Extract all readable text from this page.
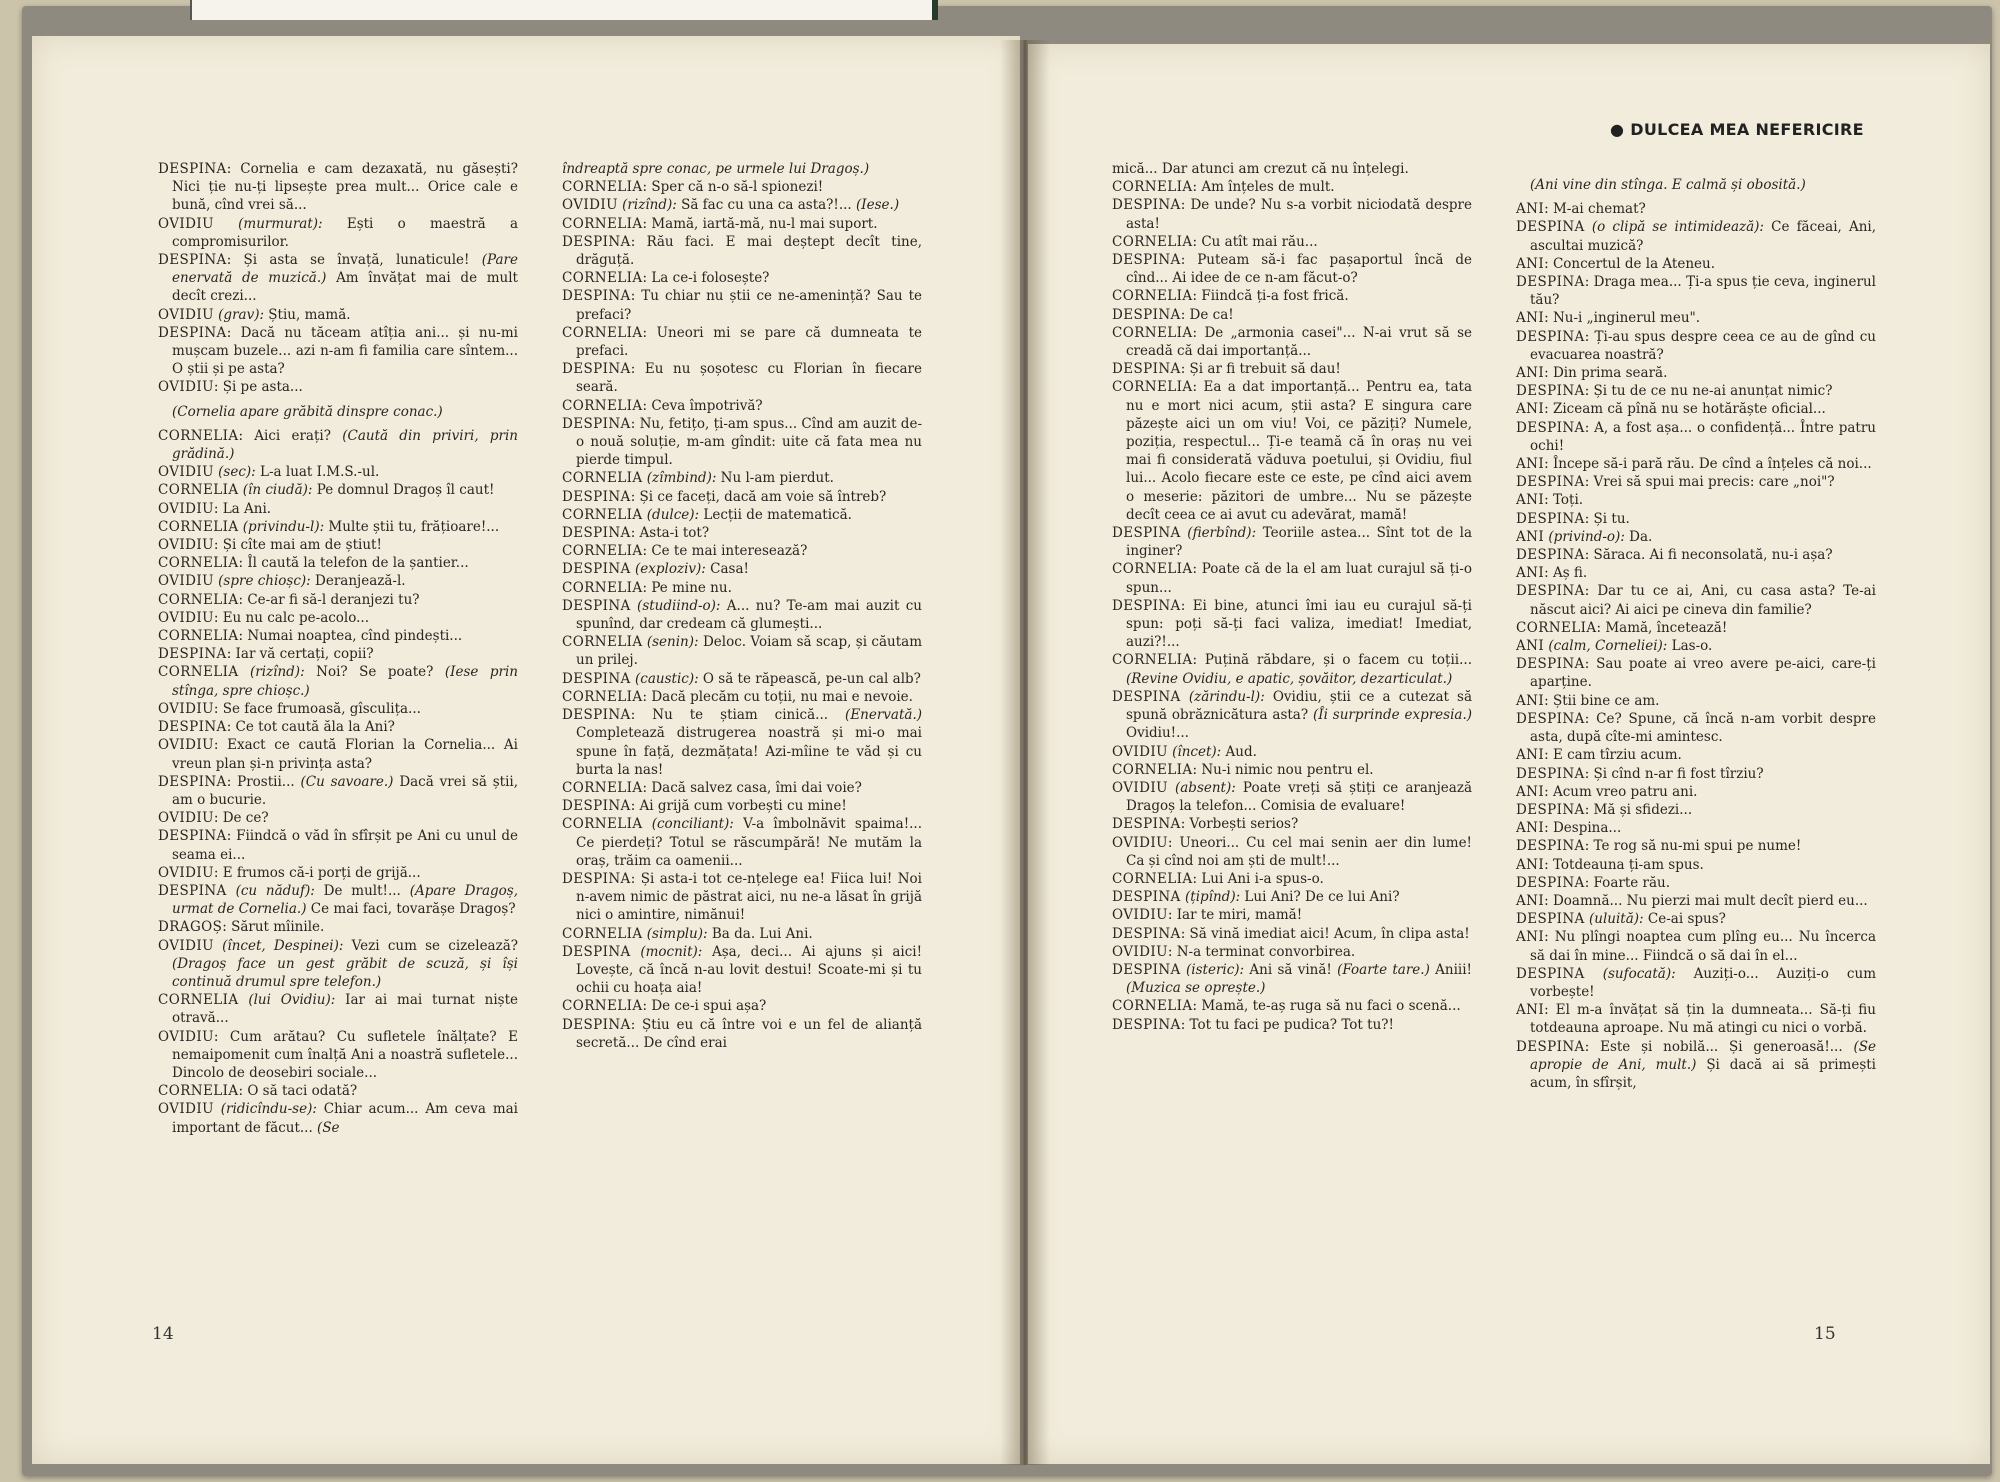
● DULCEA MEA NEFERICIRE

DESPINA: Cornelia e cam dezaxată, nu găsești? Nici ție nu-ți lipsește prea mult... Orice cale e bună, cînd vrei să...

OVIDIU (murmurat): Ești o maestră a compromisurilor.

DESPINA: Și asta se învață, lunaticule! (Pare enervată de muzică.) Am învățat mai de mult decît crezi...

OVIDIU (grav): Știu, mamă.

DESPINA: Dacă nu tăceam atîția ani... și nu-mi mușcam buzele... azi n-am fi familia care sîntem... O știi și pe asta?

OVIDIU: Și pe asta...

(Cornelia apare grăbită dinspre conac.)

CORNELIA: Aici erați? (Caută din priviri, prin grădină.)

OVIDIU (sec): L-a luat I.M.S.-ul.

CORNELIA (în ciudă): Pe domnul Dragoș îl caut!

OVIDIU: La Ani.

CORNELIA (privindu-l): Multe știi tu, frățioare!...

OVIDIU: Și cîte mai am de știut!

CORNELIA: Îl caută la telefon de la șantier...

OVIDIU (spre chioșc): Deranjează-l.

CORNELIA: Ce-ar fi să-l deranjezi tu?

OVIDIU: Eu nu calc pe-acolo...

CORNELIA: Numai noaptea, cînd pindești...

DESPINA: Iar vă certați, copii?

CORNELIA (rizînd): Noi? Se poate? (Iese prin stînga, spre chioșc.)

OVIDIU: Se face frumoasă, gîsculița...

DESPINA: Ce tot caută ăla la Ani?

OVIDIU: Exact ce caută Florian la Cornelia... Ai vreun plan și-n privința asta?

DESPINA: Prostii... (Cu savoare.) Dacă vrei să știi, am o bucurie.

OVIDIU: De ce?

DESPINA: Fiindcă o văd în sfîrșit pe Ani cu unul de seama ei...

OVIDIU: E frumos că-i porți de grijă...

DESPINA (cu năduf): De mult!... (Apare Dragoș, urmat de Cornelia.) Ce mai faci, tovarășe Dragoș?

DRAGOȘ: Sărut mîinile.

OVIDIU (încet, Despinei): Vezi cum se cizelează? (Dragoș face un gest grăbit de scuză, și își continuă drumul spre telefon.)

CORNELIA (lui Ovidiu): Iar ai mai turnat niște otravă...

OVIDIU: Cum arătau? Cu sufletele înălțate? E nemaipomenit cum înalță Ani a noastră sufletele... Dincolo de deosebiri sociale...

CORNELIA: O să taci odată?

OVIDIU (ridicîndu-se): Chiar acum... Am ceva mai important de făcut... (Se

îndreaptă spre conac, pe urmele lui Dragoș.)

CORNELIA: Sper că n-o să-l spionezi!

OVIDIU (rizînd): Să fac cu una ca asta?!... (Iese.)

CORNELIA: Mamă, iartă-mă, nu-l mai suport.

DESPINA: Rău faci. E mai deștept decît tine, drăguță.

CORNELIA: La ce-i folosește?

DESPINA: Tu chiar nu știi ce ne-amenință? Sau te prefaci?

CORNELIA: Uneori mi se pare că dumneata te prefaci.

DESPINA: Eu nu șoșotesc cu Florian în fiecare seară.

CORNELIA: Ceva împotrivă?

DESPINA: Nu, fetițo, ți-am spus... Cînd am auzit de-o nouă soluție, m-am gîndit: uite că fata mea nu pierde timpul.

CORNELIA (zîmbind): Nu l-am pierdut.

DESPINA: Și ce faceți, dacă am voie să întreb?

CORNELIA (dulce): Lecții de matematică.

DESPINA: Asta-i tot?

CORNELIA: Ce te mai interesează?

DESPINA (exploziv): Casa!

CORNELIA: Pe mine nu.

DESPINA (studiind-o): A... nu? Te-am mai auzit cu spunînd, dar credeam că glumești...

CORNELIA (senin): Deloc. Voiam să scap, și căutam un prilej.

DESPINA (caustic): O să te răpească, pe-un cal alb?

CORNELIA: Dacă plecăm cu toții, nu mai e nevoie.

DESPINA: Nu te știam cinică... (Enervată.) Completează distrugerea noastră și mi-o mai spune în față, dezmățata! Azi-mîine te văd și cu burta la nas!

CORNELIA: Dacă salvez casa, îmi dai voie?

DESPINA: Ai grijă cum vorbești cu mine!

CORNELIA (conciliant): V-a îmbolnăvit spaima!... Ce pierdeți? Totul se răscumpără! Ne mutăm la oraș, trăim ca oamenii...

DESPINA: Și asta-i tot ce-nțelege ea! Fiica lui! Noi n-avem nimic de păstrat aici, nu ne-a lăsat în grijă nici o amintire, nimănui!

CORNELIA (simplu): Ba da. Lui Ani.

DESPINA (mocnit): Așa, deci... Ai ajuns și aici! Lovește, că încă n-au lovit destui! Scoate-mi și tu ochii cu hoața aia!

CORNELIA: De ce-i spui așa?

DESPINA: Știu eu că între voi e un fel de alianță secretă... De cînd erai

mică... Dar atunci am crezut că nu înțelegi.

CORNELIA: Am înțeles de mult.

DESPINA: De unde? Nu s-a vorbit niciodată despre asta!

CORNELIA: Cu atît mai rău...

DESPINA: Puteam să-i fac pașaportul încă de cînd... Ai idee de ce n-am făcut-o?

CORNELIA: Fiindcă ți-a fost frică.

DESPINA: De ca!

CORNELIA: De „armonia casei"... N-ai vrut să se creadă că dai importanță...

DESPINA: Și ar fi trebuit să dau!

CORNELIA: Ea a dat importanță... Pentru ea, tata nu e mort nici acum, știi asta? E singura care păzește aici un om viu! Voi, ce păziți? Numele, poziția, respectul... Ți-e teamă că în oraș nu vei mai fi considerată văduva poetului, și Ovidiu, fiul lui... Acolo fiecare este ce este, pe cînd aici avem o meserie: păzitori de umbre... Nu se păzește decît ceea ce ai avut cu adevărat, mamă!

DESPINA (fierbînd): Teoriile astea... Sînt tot de la inginer?

CORNELIA: Poate că de la el am luat curajul să ți-o spun...

DESPINA: Ei bine, atunci îmi iau eu curajul să-ți spun: poți să-ți faci valiza, imediat! Imediat, auzi?!...

CORNELIA: Puțină răbdare, și o facem cu toții... (Revine Ovidiu, e apatic, șovăitor, dezarticulat.)

DESPINA (zărindu-l): Ovidiu, știi ce a cutezat să spună obrăznicătura asta? (Îi surprinde expresia.) Ovidiu!...

OVIDIU (încet): Aud.

CORNELIA: Nu-i nimic nou pentru el.

OVIDIU (absent): Poate vreți să știți ce aranjează Dragoș la telefon... Comisia de evaluare!

DESPINA: Vorbești serios?

OVIDIU: Uneori... Cu cel mai senin aer din lume! Ca și cînd noi am ști de mult!...

CORNELIA: Lui Ani i-a spus-o.

DESPINA (țipînd): Lui Ani? De ce lui Ani?

OVIDIU: Iar te miri, mamă!

DESPINA: Să vină imediat aici! Acum, în clipa asta!

OVIDIU: N-a terminat convorbirea.

DESPINA (isteric): Ani să vină! (Foarte tare.) Aniii! (Muzica se oprește.)

CORNELIA: Mamă, te-aș ruga să nu faci o scenă...

DESPINA: Tot tu faci pe pudica? Tot tu?!

(Ani vine din stînga. E calmă și obosită.)

ANI: M-ai chemat?

DESPINA (o clipă se intimidează): Ce făceai, Ani, ascultai muzică?

ANI: Concertul de la Ateneu.

DESPINA: Draga mea... Ți-a spus ție ceva, inginerul tău?

ANI: Nu-i „inginerul meu".

DESPINA: Ți-au spus despre ceea ce au de gînd cu evacuarea noastră?

ANI: Din prima seară.

DESPINA: Și tu de ce nu ne-ai anunțat nimic?

ANI: Ziceam că pînă nu se hotărăște oficial...

DESPINA: A, a fost așa... o confidență... Între patru ochi!

ANI: Începe să-i pară rău. De cînd a înțeles că noi...

DESPINA: Vrei să spui mai precis: care „noi"?

ANI: Toți.

DESPINA: Și tu.

ANI (privind-o): Da.

DESPINA: Săraca. Ai fi neconsolată, nu-i așa?

ANI: Aș fi.

DESPINA: Dar tu ce ai, Ani, cu casa asta? Te-ai născut aici? Ai aici pe cineva din familie?

CORNELIA: Mamă, încetează!

ANI (calm, Corneliei): Las-o.

DESPINA: Sau poate ai vreo avere pe-aici, care-ți aparține.

ANI: Știi bine ce am.

DESPINA: Ce? Spune, că încă n-am vorbit despre asta, după cîte-mi amintesc.

ANI: E cam tîrziu acum.

DESPINA: Și cînd n-ar fi fost tîrziu?

ANI: Acum vreo patru ani.

DESPINA: Mă și sfidezi...

ANI: Despina...

DESPINA: Te rog să nu-mi spui pe nume!

ANI: Totdeauna ți-am spus.

DESPINA: Foarte rău.

ANI: Doamnă... Nu pierzi mai mult decît pierd eu...

DESPINA (uluită): Ce-ai spus?

ANI: Nu plîngi noaptea cum plîng eu... Nu încerca să dai în mine... Fiindcă o să dai în el...

DESPINA (sufocată): Auziți-o... Auziți-o cum vorbește!

ANI: El m-a învățat să țin la dumneata... Să-ți fiu totdeauna aproape. Nu mă atingi cu nici o vorbă.

DESPINA: Este și nobilă... Și generoasă!... (Se apropie de Ani, mult.) Și dacă ai să primești acum, în sfîrșit,

14	15
